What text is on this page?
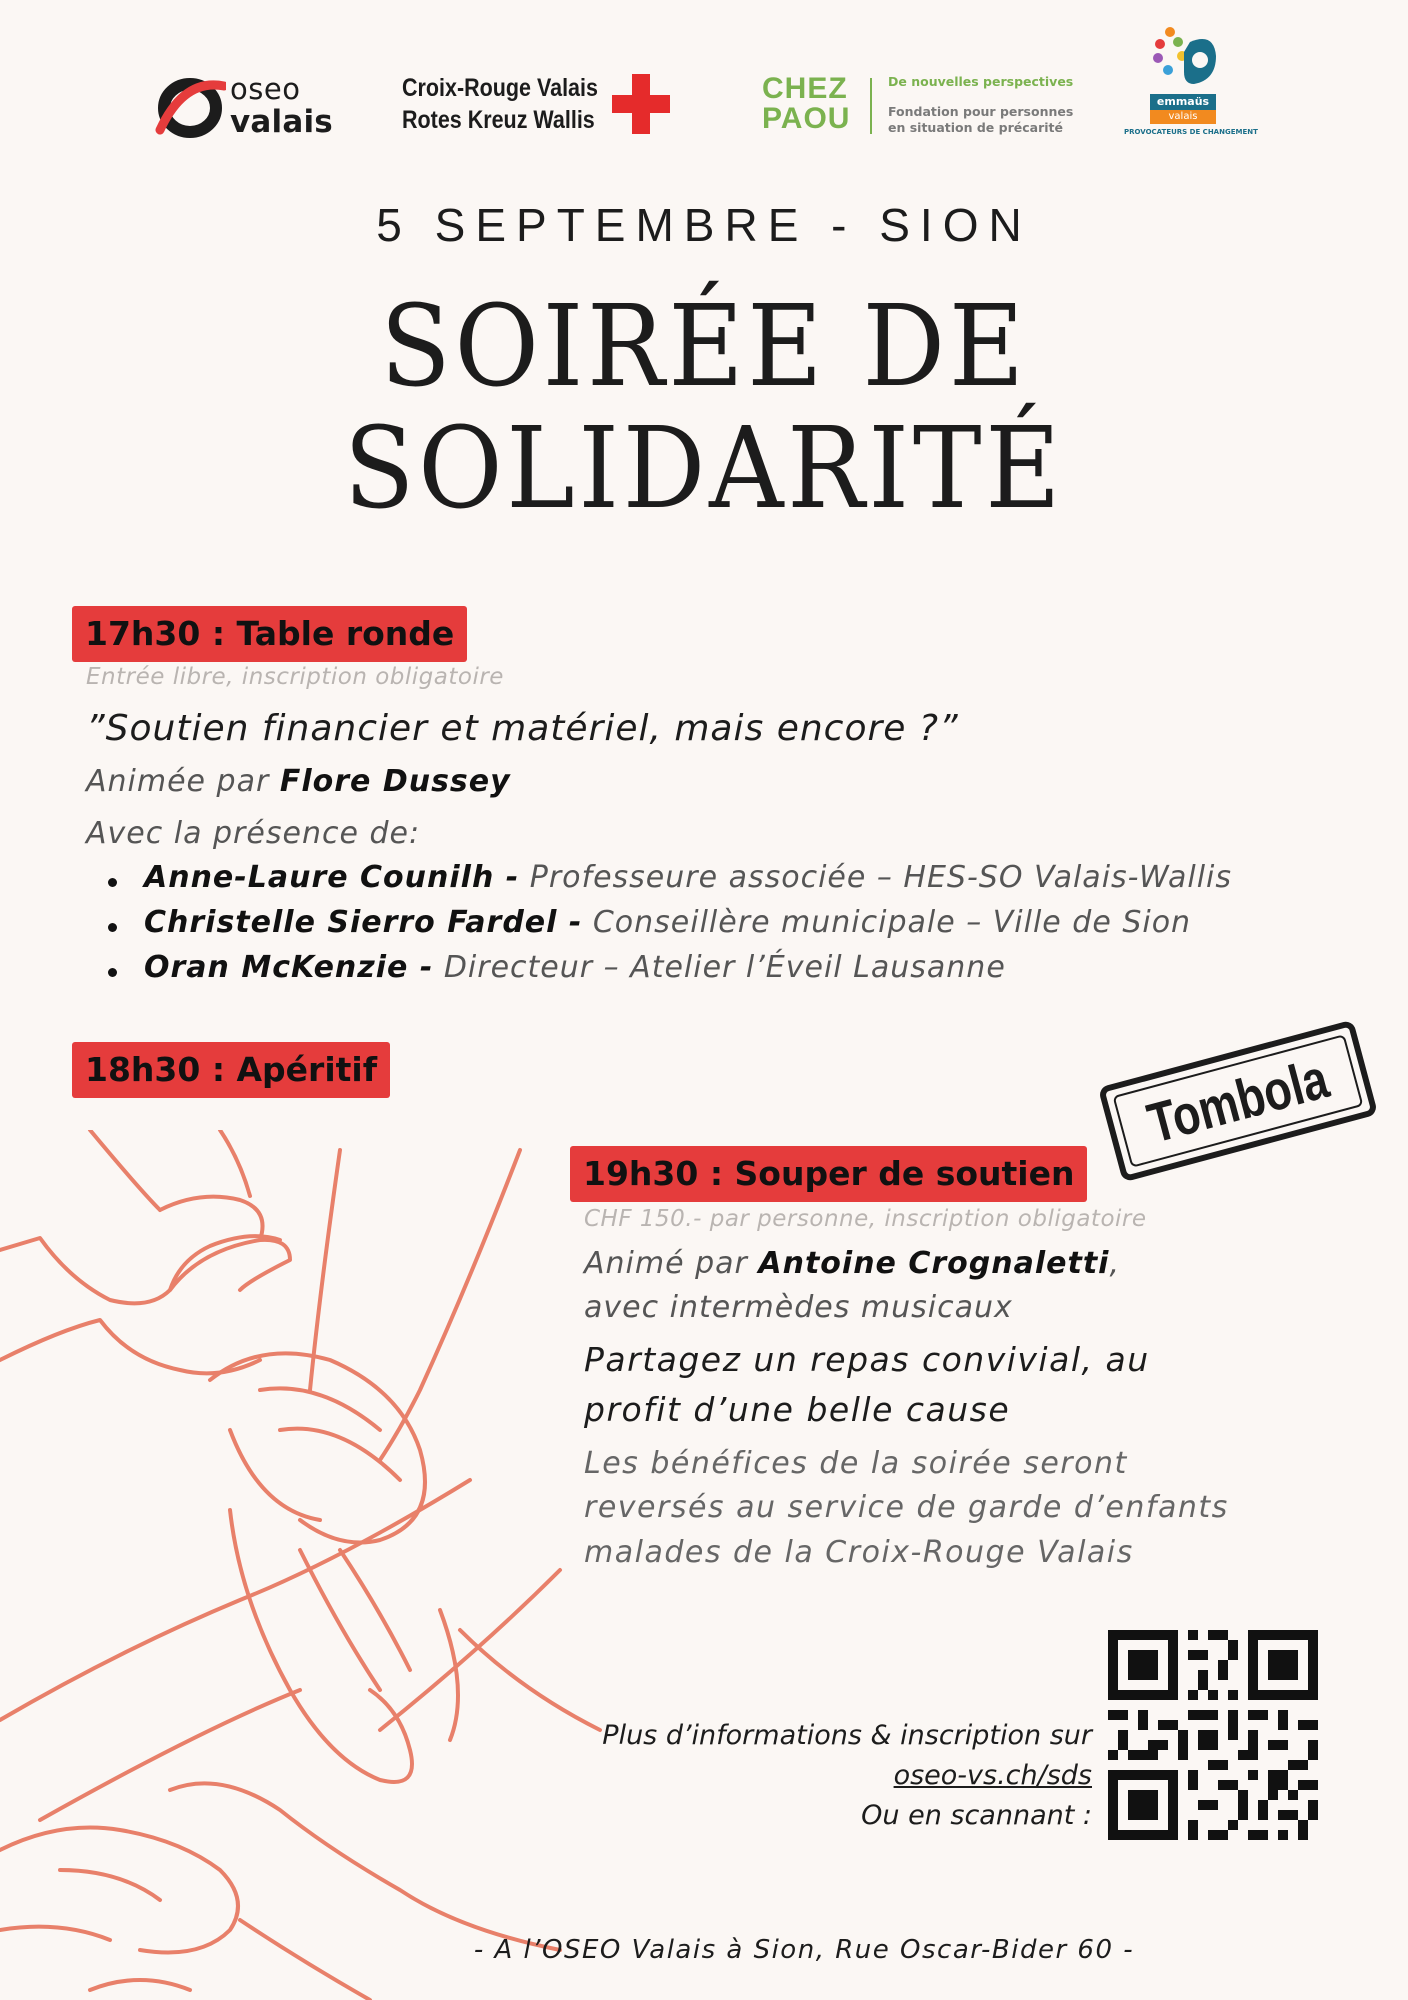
oseo
valais
Croix-Rouge Valais
Rotes Kreuz Wallis
CHEZ
PAOU
De nouvelles perspectives
Fondation pour personnes
en situation de précarité
emmaüs
valais
PROVOCATEURS DE CHANGEMENT
5 SEPTEMBRE - SION
SOIRÉE DE
SOLIDARITÉ
17h30 : Table ronde
Entrée libre, inscription obligatoire
”Soutien financier et matériel, mais encore ?”
Animée par Flore Dussey
Avec la présence de:
Anne-Laure Counilh - Professeure associée – HES-SO Valais-Wallis
Christelle Sierro Fardel - Conseillère municipale – Ville de Sion
Oran McKenzie - Directeur – Atelier l’Éveil Lausanne
18h30 : Apéritif	Tombola
19h30 : Souper de soutien
CHF 150.- par personne, inscription obligatoire
Animé par Antoine Crognaletti,
avec intermèdes musicaux
Partagez un repas convivial, au
profit d’une belle cause
Les bénéfices de la soirée seront
reversés au service de garde d’enfants
malades de la Croix-Rouge Valais
Plus d’informations & inscription sur
oseo-vs.ch/sds
Ou en scannant :
- A l’OSEO Valais à Sion, Rue Oscar-Bider 60 -
